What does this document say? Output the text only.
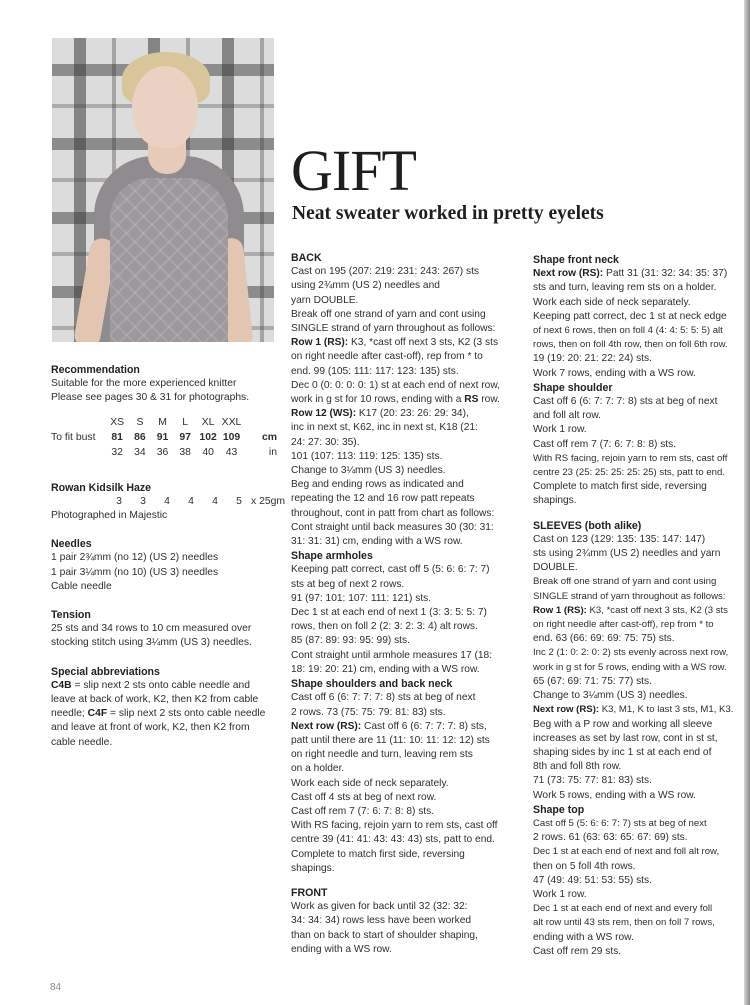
GIFT
Neat sweater worked in pretty eyelets
Recommendation

Suitable for the more experienced knitter

Please see pages 30 & 31 for photographs.

	XS	S	M	L	XL	XXL	
To fit bust	81	86	91	97	102	109	cm
	32	34	36	38	40	43	in
Rowan Kidsilk Haze
3 3 4 4 4 5 x 25gm

Photographed in Majestic

Needles

1 pair 2¾mm (no 12) (US 2) needles

1 pair 3¼mm (no 10) (US 3) needles

Cable needle

Tension

25 sts and 34 rows to 10 cm measured over

stocking stitch using 3¼mm (US 3) needles.

Special abbreviations

C4B = slip next 2 sts onto cable needle and

leave at back of work, K2, then K2 from cable

needle; C4F = slip next 2 sts onto cable needle

and leave at front of work, K2, then K2 from

cable needle.

BACK

Cast on 195 (207: 219: 231: 243: 267) sts

using 2¾mm (US 2) needles and

yarn DOUBLE.

Break off one strand of yarn and cont using

SINGLE strand of yarn throughout as follows:

Row 1 (RS): K3, *cast off next 3 sts, K2 (3 sts

on right needle after cast-off), rep from * to

end. 99 (105: 111: 117: 123: 135) sts.

Dec 0 (0: 0: 0: 0: 1) st at each end of next row,

work in g st for 10 rows, ending with a RS row.

Row 12 (WS): K17 (20: 23: 26: 29: 34),

inc in next st, K62, inc in next st, K18 (21:

24: 27: 30: 35).

101 (107: 113: 119: 125: 135) sts.

Change to 3¼mm (US 3) needles.

Beg and ending rows as indicated and

repeating the 12 and 16 row patt repeats

throughout, cont in patt from chart as follows:

Cont straight until back measures 30 (30: 31:

31: 31: 31) cm, ending with a WS row.

Shape armholes

Keeping patt correct, cast off 5 (5: 6: 6: 7: 7)

sts at beg of next 2 rows.

91 (97: 101: 107: 111: 121) sts.

Dec 1 st at each end of next 1 (3: 3: 5: 5: 7)

rows, then on foll 2 (2: 3: 2: 3: 4) alt rows.

85 (87: 89: 93: 95: 99) sts.

Cont straight until armhole measures 17 (18:

18: 19: 20: 21) cm, ending with a WS row.

Shape shoulders and back neck

Cast off 6 (6: 7: 7: 7: 8) sts at beg of next

2 rows. 73 (75: 75: 79: 81: 83) sts.

Next row (RS): Cast off 6 (6: 7: 7: 7: 8) sts,

patt until there are 11 (11: 10: 11: 12: 12) sts

on right needle and turn, leaving rem sts

on a holder.

Work each side of neck separately.

Cast off 4 sts at beg of next row.

Cast off rem 7 (7: 6: 7: 8: 8) sts.

With RS facing, rejoin yarn to rem sts, cast off

centre 39 (41: 41: 43: 43: 43) sts, patt to end.

Complete to match first side, reversing

shapings.

FRONT

Work as given for back until 32 (32: 32:

34: 34: 34) rows less have been worked

than on back to start of shoulder shaping,

ending with a WS row.

Shape front neck

Next row (RS): Patt 31 (31: 32: 34: 35: 37)

sts and turn, leaving rem sts on a holder.

Work each side of neck separately.

Keeping patt correct, dec 1 st at neck edge

of next 6 rows, then on foll 4 (4: 4: 5: 5: 5) alt

rows, then on foll 4th row, then on foll 6th row.

19 (19: 20: 21: 22: 24) sts.

Work 7 rows, ending with a WS row.

Shape shoulder

Cast off 6 (6: 7: 7: 7: 8) sts at beg of next

and foll alt row.

Work 1 row.

Cast off rem 7 (7: 6: 7: 8: 8) sts.

With RS facing, rejoin yarn to rem sts, cast off

centre 23 (25: 25: 25: 25: 25) sts, patt to end.

Complete to match first side, reversing

shapings.

SLEEVES (both alike)

Cast on 123 (129: 135: 135: 147: 147)

sts using 2¾mm (US 2) needles and yarn

DOUBLE.

Break off one strand of yarn and cont using

SINGLE strand of yarn throughout as follows:

Row 1 (RS): K3, *cast off next 3 sts, K2 (3 sts

on right needle after cast-off), rep from * to

end. 63 (66: 69: 69: 75: 75) sts.

Inc 2 (1: 0: 2: 0: 2) sts evenly across next row,

work in g st for 5 rows, ending with a WS row.

65 (67: 69: 71: 75: 77) sts.

Change to 3¼mm (US 3) needles.

Next row (RS): K3, M1, K to last 3 sts, M1, K3.

Beg with a P row and working all sleeve

increases as set by last row, cont in st st,

shaping sides by inc 1 st at each end of

8th and foll 8th row.

71 (73: 75: 77: 81: 83) sts.

Work 5 rows, ending with a WS row.

Shape top

Cast off 5 (5: 6: 6: 7: 7) sts at beg of next

2 rows. 61 (63: 63: 65: 67: 69) sts.

Dec 1 st at each end of next and foll alt row,

then on 5 foll 4th rows.

47 (49: 49: 51: 53: 55) sts.

Work 1 row.

Dec 1 st at each end of next and every foll

alt row until 43 sts rem, then on foll 7 rows,

ending with a WS row.

Cast off rem 29 sts.

84
